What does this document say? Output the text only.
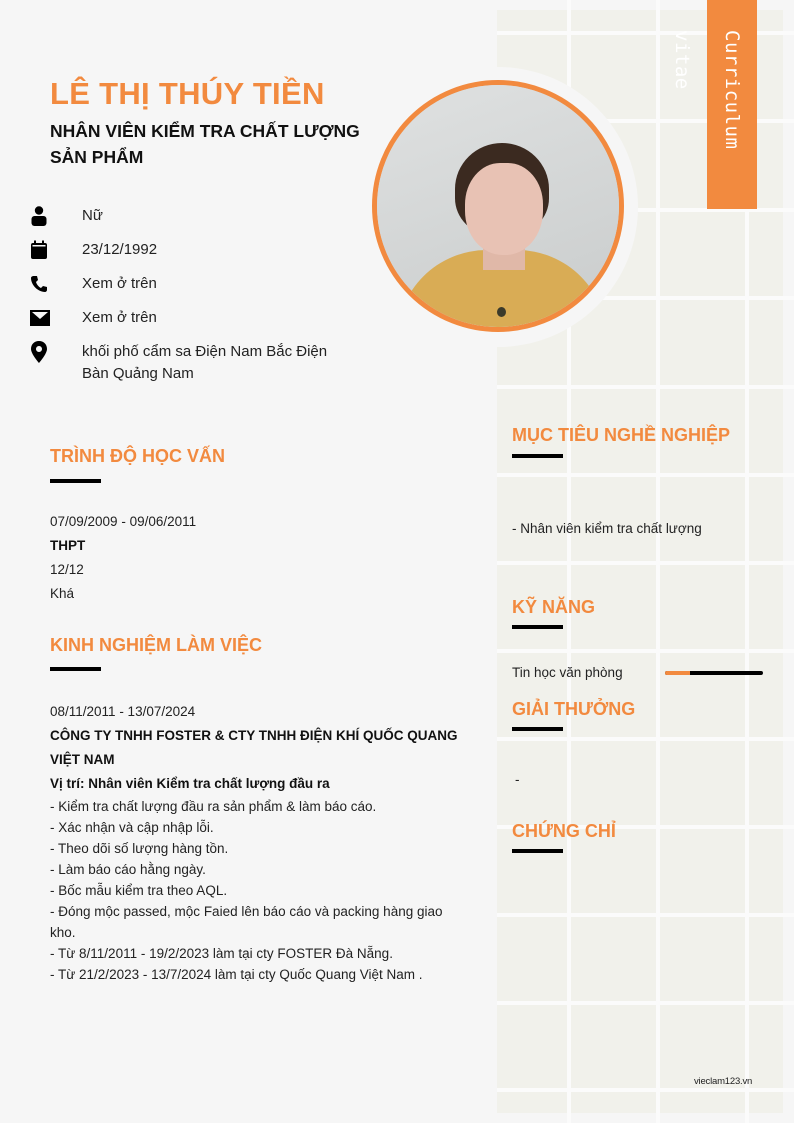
Curriculum vitae
LÊ THỊ THÚY TIỀN
NHÂN VIÊN KIỂM TRA CHẤT LƯỢNG SẢN PHẨM
Nữ
23/12/1992
Xem ở trên
Xem ở trên
khối phố cẩm sa Điện Nam Bắc Điện Bàn Quảng Nam
TRÌNH ĐỘ HỌC VẤN
07/09/2009 - 09/06/2011
THPT
12/12
Khá
KINH NGHIỆM LÀM VIỆC
08/11/2011 - 13/07/2024
CÔNG TY TNHH FOSTER & CTY TNHH ĐIỆN KHÍ QUỐC QUANG VIỆT NAM
Vị trí: Nhân viên Kiểm tra chất lượng đầu ra
- Kiểm tra chất lượng đầu ra sản phẩm & làm báo cáo.
- Xác nhận và cập nhập lỗi.
- Theo dõi số lượng hàng tồn.
- Làm báo cáo hằng ngày.
- Bốc mẫu kiểm tra theo AQL.
- Đóng mộc passed, mộc Faied lên báo cáo và packing hàng giao kho.
- Từ 8/11/2011 - 19/2/2023 làm tại cty FOSTER Đà Nẵng.
- Từ 21/2/2023 - 13/7/2024 làm tại cty Quốc Quang Việt Nam .
MỤC TIÊU NGHỀ NGHIỆP
- Nhân viên kiểm tra chất lượng
KỸ NĂNG
Tin học văn phòng
GIẢI THƯỞNG
-
CHỨNG CHỈ
vieclam123.vn
